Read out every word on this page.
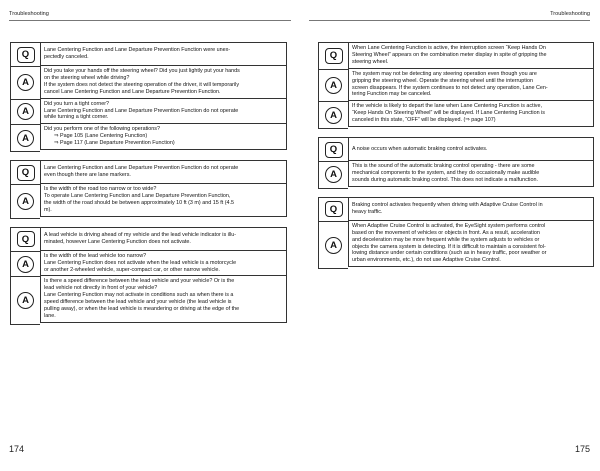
Troubleshooting
Q
A
A
A
Lane Centering Function and Lane Departure Prevention Function were unex-
pectedly canceled.
Did you take your hands off the steering wheel? Did you just lightly put your hands
on the steering wheel while driving?
If the system does not detect the steering operation of the driver, it will temporarily
cancel Lane Centering Function and Lane Departure Prevention Function.
Did you turn a tight corner?
Lane Centering Function and Lane Departure Prevention Function do not operate
while turning a tight corner.
Did you perform one of the following operations?
⇒ Page 105 (Lane Centering Function)
⇒ Page 117 (Lane Departure Prevention Function)
Q
A
Lane Centering Function and Lane Departure Prevention Function do not operate
even though there are lane markers.
Is the width of the road too narrow or too wide?
To operate Lane Centering Function and Lane Departure Prevention Function,
the width of the road should be between approximately 10 ft (3 m) and 15 ft (4.5
m).
Q
A
A
A lead vehicle is driving ahead of my vehicle and the lead vehicle indicator is illu-
minated, however Lane Centering Function does not activate.
Is the width of the lead vehicle too narrow?
Lane Centering Function does not activate when the lead vehicle is a motorcycle
or another 2-wheeled vehicle, super-compact car, or other narrow vehicle.
Is there a speed difference between the lead vehicle and your vehicle? Or is the
lead vehicle not directly in front of your vehicle?
Lane Centering Function may not activate in conditions such as when there is a
speed difference between the lead vehicle and your vehicle (the lead vehicle is
pulling away), or when the lead vehicle is meandering or driving at the edge of the
lane.
174
Troubleshooting
175
Q
A
A
When Lane Centering Function is active, the interruption screen “Keep Hands On
Steering Wheel” appears on the combination meter display in spite of gripping the
steering wheel.
The system may not be detecting any steering operation even though you are
gripping the steering wheel. Operate the steering wheel until the interruption
screen disappears. If the system continues to not detect any operation, Lane Cen-
tering Function may be canceled.
If the vehicle is likely to depart the lane when Lane Centering Function is active,
“Keep Hands On Steering Wheel” will be displayed. If Lane Centering Function is
canceled in this state, “OFF” will be displayed. (⇒ page 107)
Q
A
A noise occurs when automatic braking control activates.
This is the sound of the automatic braking control operating - there are some
mechanical components to the system, and they do occasionally make audible
sounds during automatic braking control. This does not indicate a malfunction.
Q
A
Braking control activates frequently when driving with Adaptive Cruise Control in
heavy traffic.
When Adaptive Cruise Control is activated, the EyeSight system performs control
based on the movement of vehicles or objects in front. As a result, acceleration
and deceleration may be more frequent while the system adjusts to vehicles or
objects the camera system is detecting. If it is difficult to maintain a consistent fol-
lowing distance under certain conditions (such as in heavy traffic, poor weather or
urban environments, etc.), do not use Adaptive Cruise Control.
